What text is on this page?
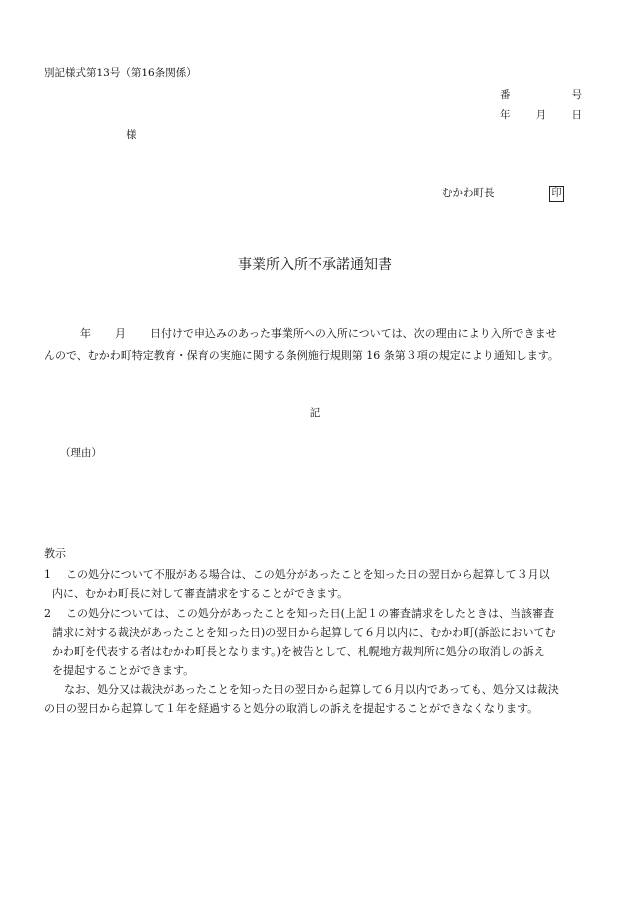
別記様式第13号（第16条関係）
番	号
年 月 日
様
むかわ町長	印
事業所入所不承諾通知書
年 月 日付けで申込みのあった事業所への入所については、次の理由により入所できませ
んので、むかわ町特定教育・保育の実施に関する条例施行規則第 16 条第３項の規定により通知します。
記
（理由）
教示
1 この処分について不服がある場合は、この処分があったことを知った日の翌日から起算して３月以
内に、むかわ町長に対して審査請求をすることができます。
2 この処分については、この処分があったことを知った日(上記１の審査請求をしたときは、当該審査
請求に対する裁決があったことを知った日)の翌日から起算して６月以内に、むかわ町(訴訟においてむ
かわ町を代表する者はむかわ町長となります。)を被告として、札幌地方裁判所に処分の取消しの訴え
を提起することができます。
なお、処分又は裁決があったことを知った日の翌日から起算して６月以内であっても、処分又は裁決
の日の翌日から起算して１年を経過すると処分の取消しの訴えを提起することができなくなります。
